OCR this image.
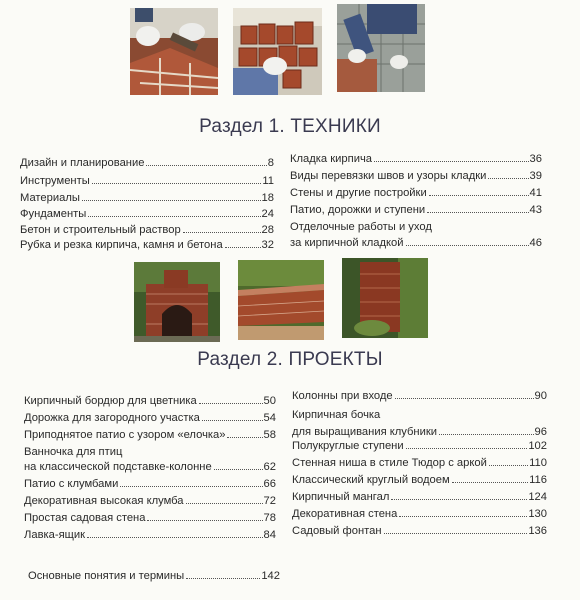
Раздел 1. ТЕХНИКИ
Дизайн и планирование	8
Инструменты	11
Материалы	18
Фундаменты	24
Бетон и строительный раствор	28
Рубка и резка кирпича, камня и бетона	32
Кладка кирпича	36
Виды перевязки швов и узоры кладки	39
Стены и другие постройки	41
Патио, дорожки и ступени	43
Отделочные работы и уход
за кирпичной кладкой	46
Раздел 2. ПРОЕКТЫ
Кирпичный бордюр для цветника	50
Дорожка для загородного участка	54
Приподнятое патио с узором «елочка»	58
Ванночка для птиц
на классической подставке-колонне	62
Патио с клумбами	66
Декоративная высокая клумба	72
Простая садовая стена	78
Лавка-ящик	84
Колонны при входе	90
Кирпичная бочка
для выращивания клубники	96
Полукруглые ступени	102
Стенная ниша в стиле Тюдор с аркой	110
Классический круглый водоем	116
Кирпичный мангал	124
Декоративная стена	130
Садовый фонтан	136
Основные понятия и термины	142
